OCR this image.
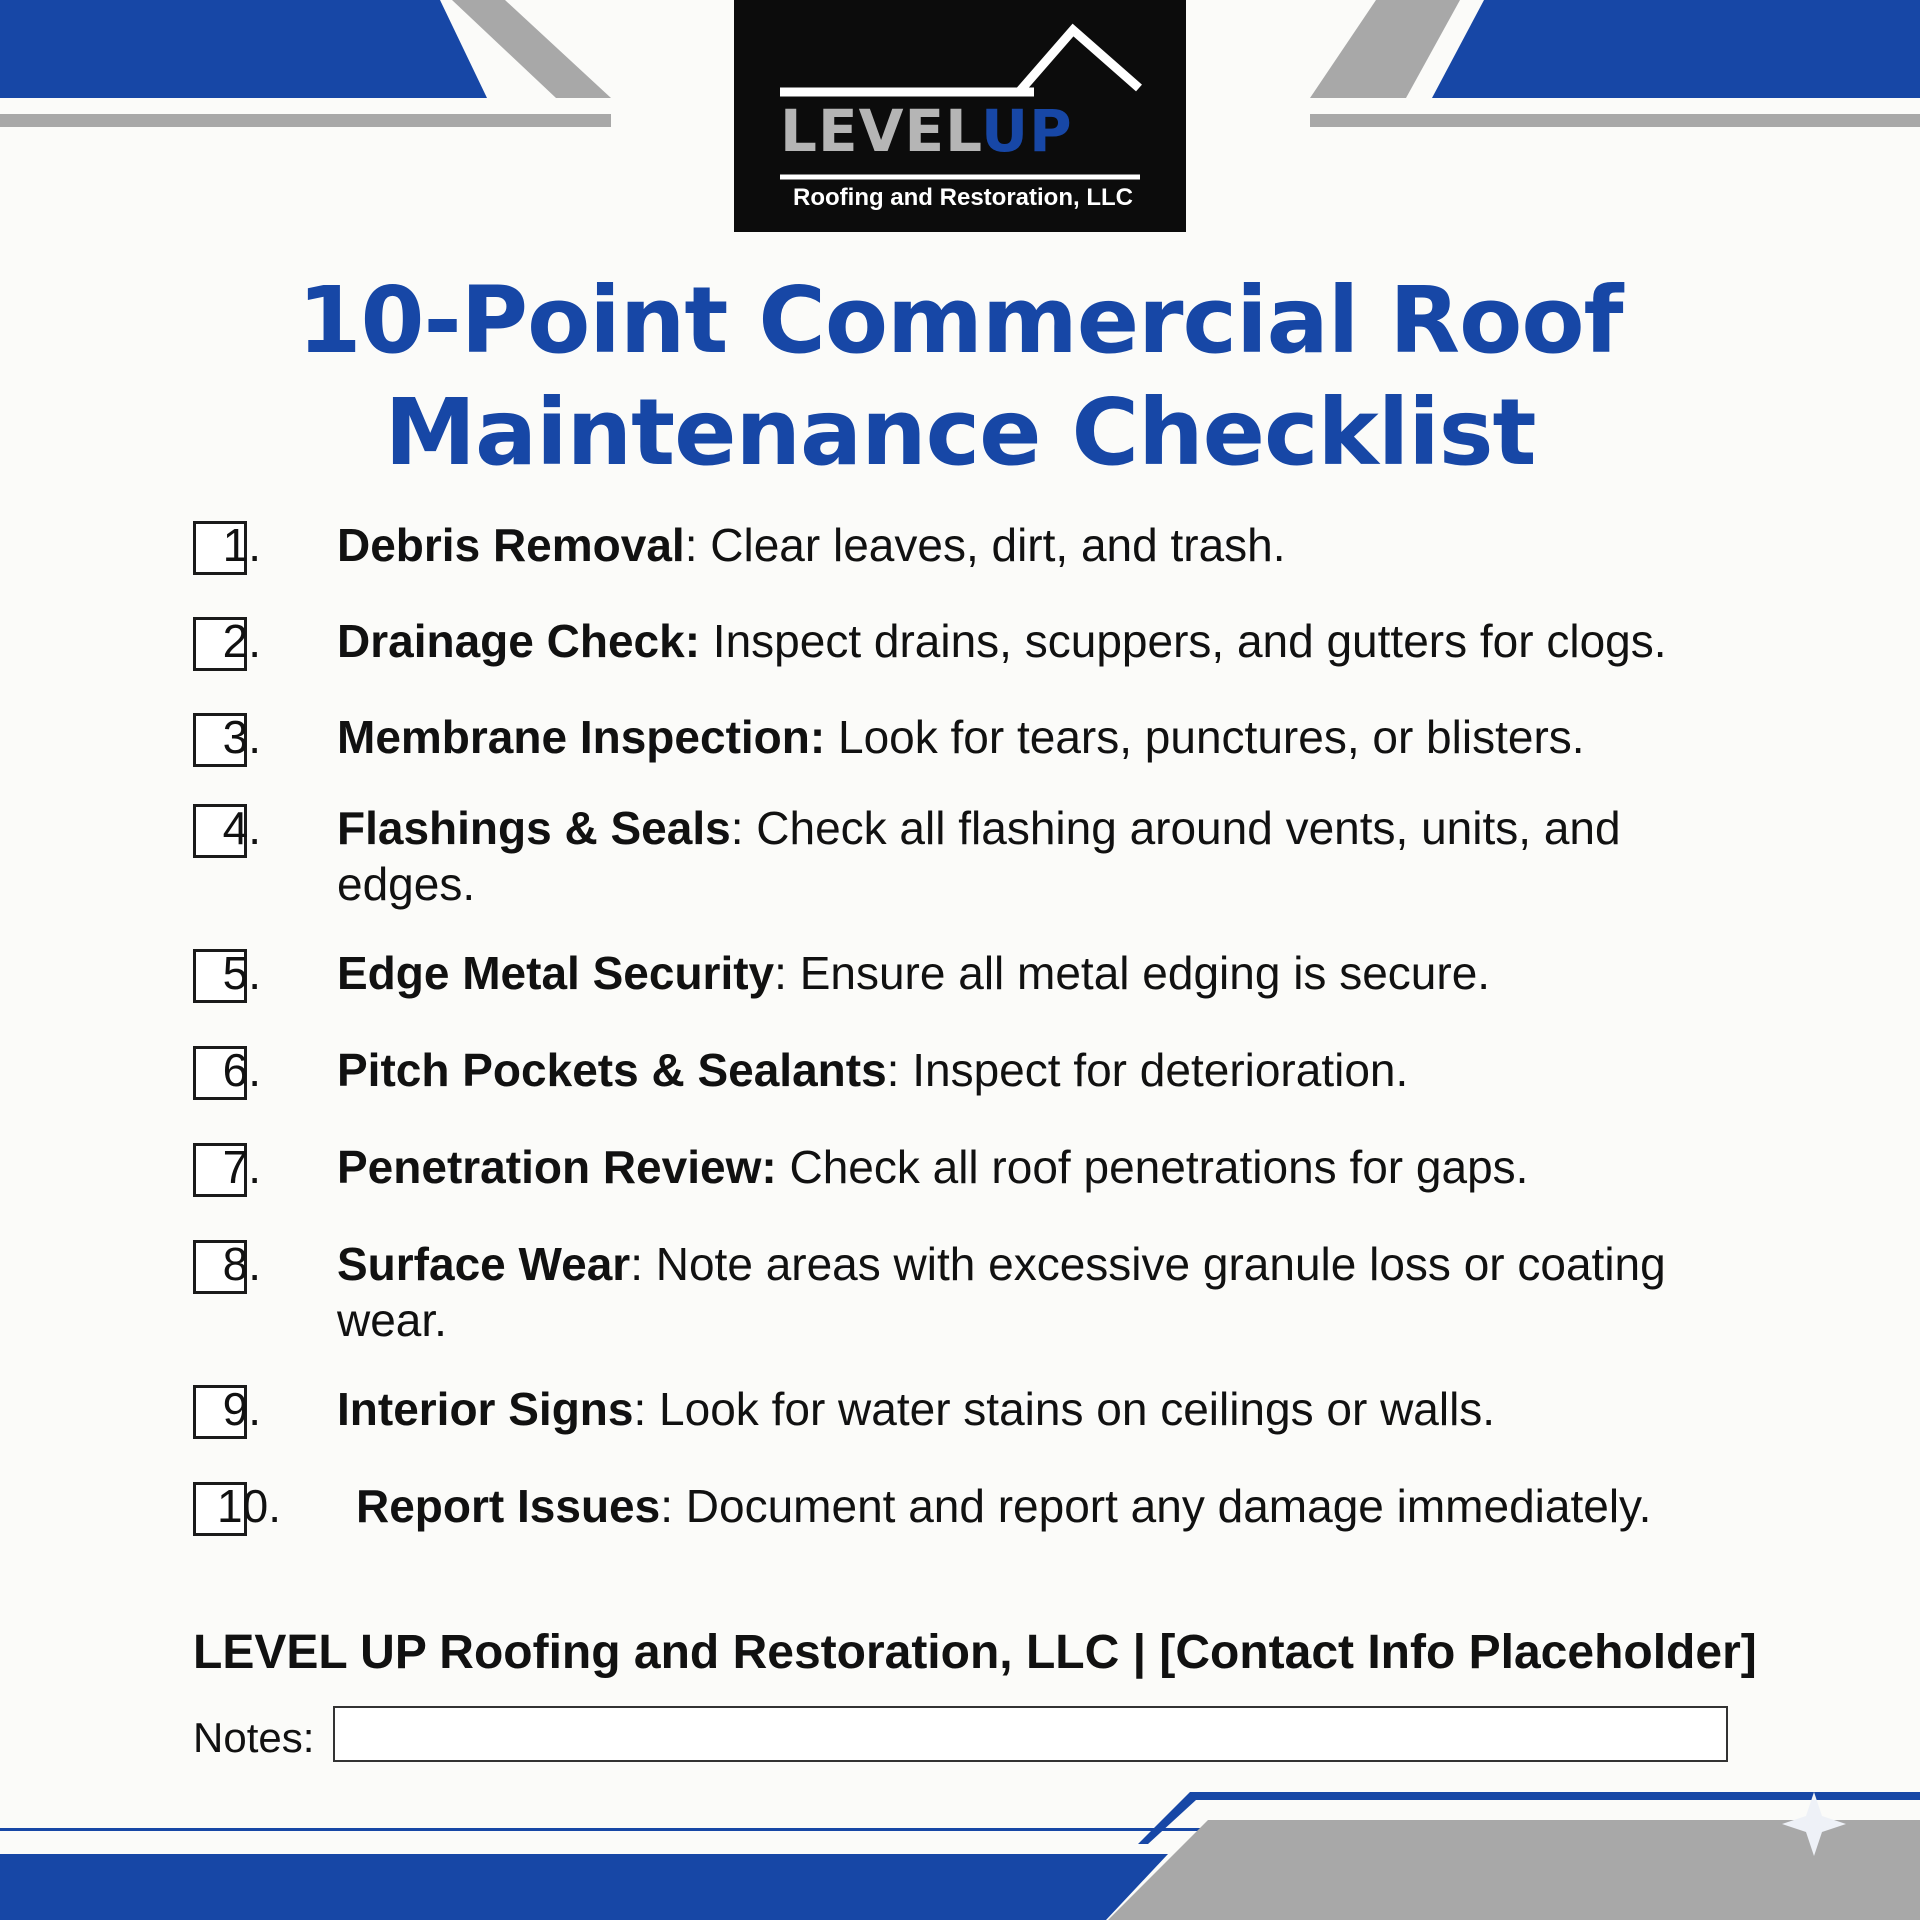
LEVELUP
Roofing and Restoration, LLC
10-Point Commercial Roof
Maintenance Checklist
1. Debris Removal: Clear leaves, dirt, and trash.
2. Drainage Check: Inspect drains, scuppers, and gutters for clogs.
3. Membrane Inspection: Look for tears, punctures, or blisters.
4. Flashings & Seals: Check all flashing around vents, units, and edges.
5. Edge Metal Security: Ensure all metal edging is secure.
6. Pitch Pockets & Sealants: Inspect for deterioration.
7. Penetration Review: Check all roof penetrations for gaps.
8. Surface Wear: Note areas with excessive granule loss or coating wear.
9. Interior Signs: Look for water stains on ceilings or walls.
10. Report Issues: Document and report any damage immediately.
LEVEL UP Roofing and Restoration, LLC | [Contact Info Placeholder]
Notes:
